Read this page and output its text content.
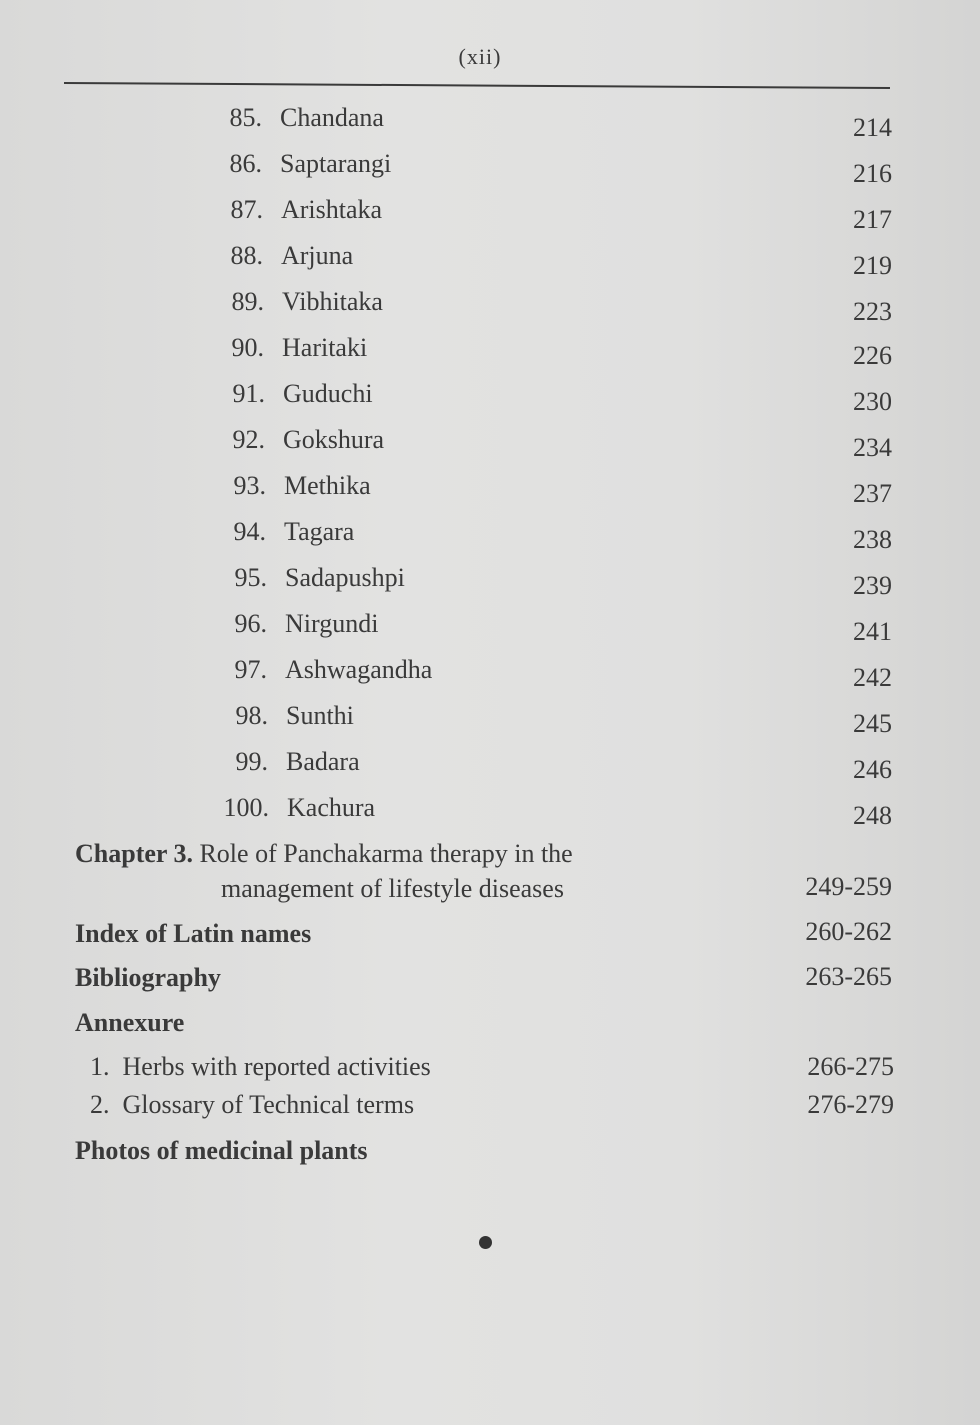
(xii)
85. Chandana	214
86. Saptarangi	216
87. Arishtaka	217
88. Arjuna	219
89. Vibhitaka	223
90. Haritaki	226
91. Guduchi	230
92. Gokshura	234
93. Methika	237
94. Tagara	238
95. Sadapushpi	239
96. Nirgundi	241
97. Ashwagandha	242
98. Sunthi	245
99. Badara	246
100. Kachura	248
Chapter 3. Role of Panchakarma therapy in the
management of lifestyle diseases	249-259
Index of Latin names	260-262
Bibliography	263-265
Annexure
1. Herbs with reported activities	266-275
2. Glossary of Technical terms	276-279
Photos of medicinal plants
